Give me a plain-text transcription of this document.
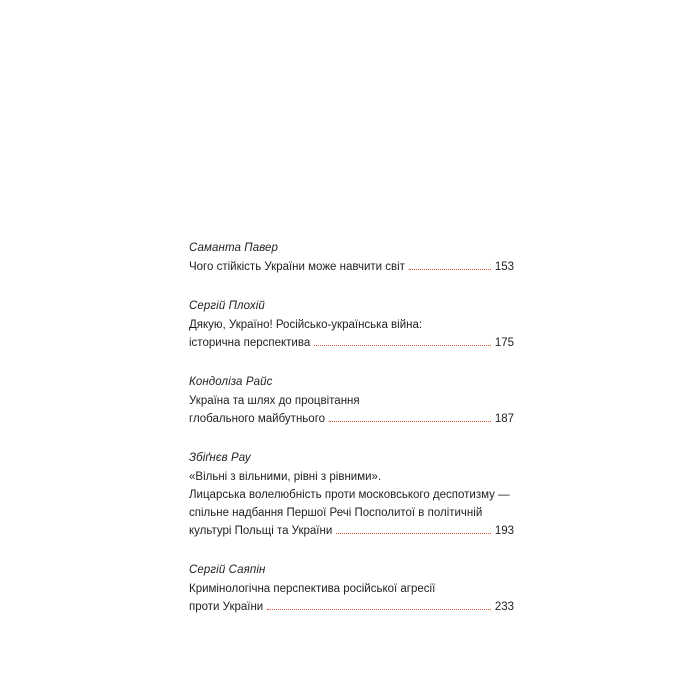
Саманта Павер
Чого стійкість України може навчити світ	153
Сергій Плохій
Дякую, Україно! Російсько-українська війна:
історична перспектива	175
Кондоліза Райс
Україна та шлях до процвітання
глобального майбутнього	187
Збіґнєв Рау
«Вільні з вільними, рівні з рівними».
Лицарська волелюбність проти московського деспотизму —
спільне надбання Першої Речі Посполитої в політичній
культурі Польщі та України	193
Сергій Саяпін
Кримінологічна перспектива російської агресії
проти України	233
